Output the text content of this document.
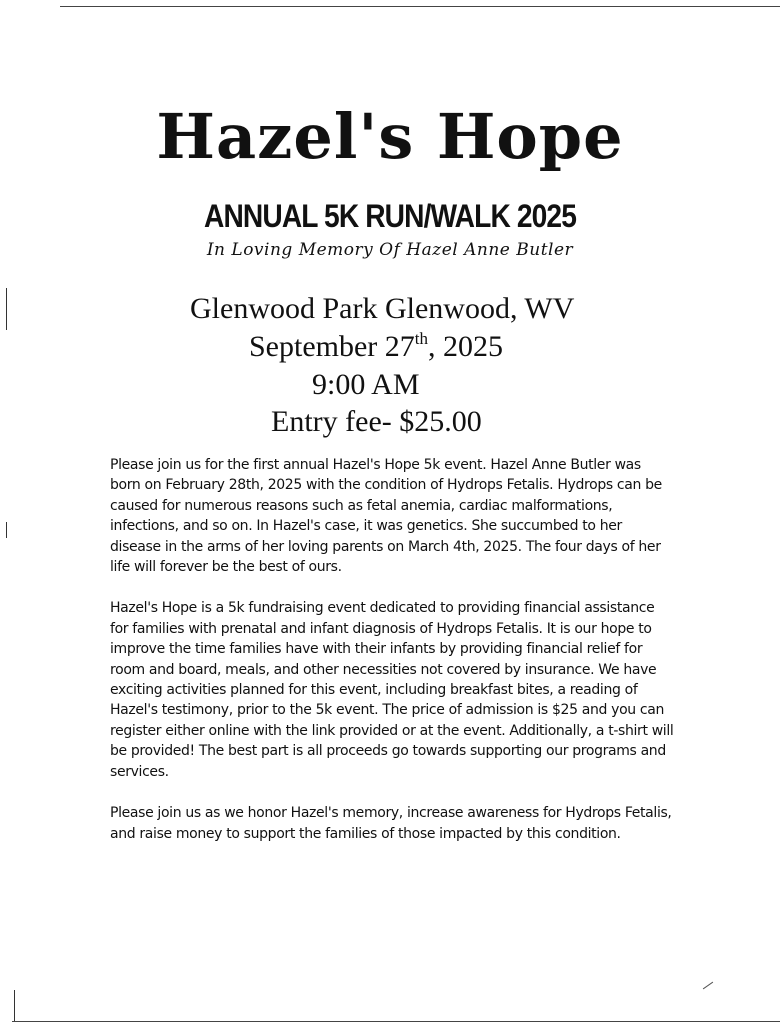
Hazel's Hope
ANNUAL 5K RUN/WALK 2025
In Loving Memory Of Hazel Anne Butler
Glenwood Park Glenwood, WV
September 27th, 2025
9:00 AM
Entry fee- $25.00

Please join us for the first annual Hazel's Hope 5k event. Hazel Anne Butler was born on February 28th, 2025 with the condition of Hydrops Fetalis. Hydrops can be caused for numerous reasons such as fetal anemia, cardiac malformations, infections, and so on. In Hazel's case, it was genetics. She succumbed to her disease in the arms of her loving parents on March 4th, 2025. The four days of her life will forever be the best of ours.

Hazel's Hope is a 5k fundraising event dedicated to providing financial assistance for families with prenatal and infant diagnosis of Hydrops Fetalis. It is our hope to improve the time families have with their infants by providing financial relief for room and board, meals, and other necessities not covered by insurance. We have exciting activities planned for this event, including breakfast bites, a reading of Hazel's testimony, prior to the 5k event. The price of admission is $25 and you can register either online with the link provided or at the event. Additionally, a t-shirt will be provided! The best part is all proceeds go towards supporting our programs and services.

Please join us as we honor Hazel's memory, increase awareness for Hydrops Fetalis, and raise money to support the families of those impacted by this condition.
